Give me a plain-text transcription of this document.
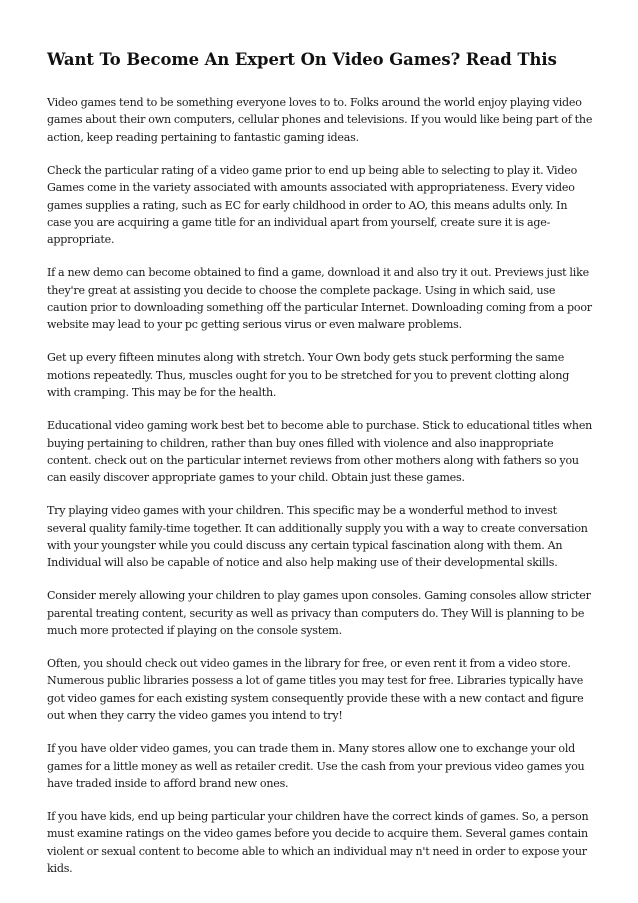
Want To Become An Expert On Video Games? Read This

Video games tend to be something everyone loves to to. Folks around the world enjoy playing video games about their own computers, cellular phones and televisions. If you would like being part of the action, keep reading pertaining to fantastic gaming ideas.

Check the particular rating of a video game prior to end up being able to selecting to play it. Video Games come in the variety associated with amounts associated with appropriateness. Every video games supplies a rating, such as EC for early childhood in order to AO, this means adults only. In case you are acquiring a game title for an individual apart from yourself, create sure it is age-appropriate.

If a new demo can become obtained to find a game, download it and also try it out. Previews just like they're great at assisting you decide to choose the complete package. Using in which said, use caution prior to downloading something off the particular Internet. Downloading coming from a poor website may lead to your pc getting serious virus or even malware problems.

Get up every fifteen minutes along with stretch. Your Own body gets stuck performing the same motions repeatedly. Thus, muscles ought for you to be stretched for you to prevent clotting along with cramping. This may be for the health.

Educational video gaming work best bet to become able to purchase. Stick to educational titles when buying pertaining to children, rather than buy ones filled with violence and also inappropriate content. check out on the particular internet reviews from other mothers along with fathers so you can easily discover appropriate games to your child. Obtain just these games.

Try playing video games with your children. This specific may be a wonderful method to invest several quality family-time together. It can additionally supply you with a way to create conversation with your youngster while you could discuss any certain typical fascination along with them. An Individual will also be capable of notice and also help making use of their developmental skills.

Consider merely allowing your children to play games upon consoles. Gaming consoles allow stricter parental treating content, security as well as privacy than computers do. They Will is planning to be much more protected if playing on the console system.

Often, you should check out video games in the library for free, or even rent it from a video store. Numerous public libraries possess a lot of game titles you may test for free. Libraries typically have got video games for each existing system consequently provide these with a new contact and figure out when they carry the video games you intend to try!

If you have older video games, you can trade them in. Many stores allow one to exchange your old games for a little money as well as retailer credit. Use the cash from your previous video games you have traded inside to afford brand new ones.

If you have kids, end up being particular your children have the correct kinds of games. So, a person must examine ratings on the video games before you decide to acquire them. Several games contain violent or sexual content to become able to which an individual may n't need in order to expose your kids.
